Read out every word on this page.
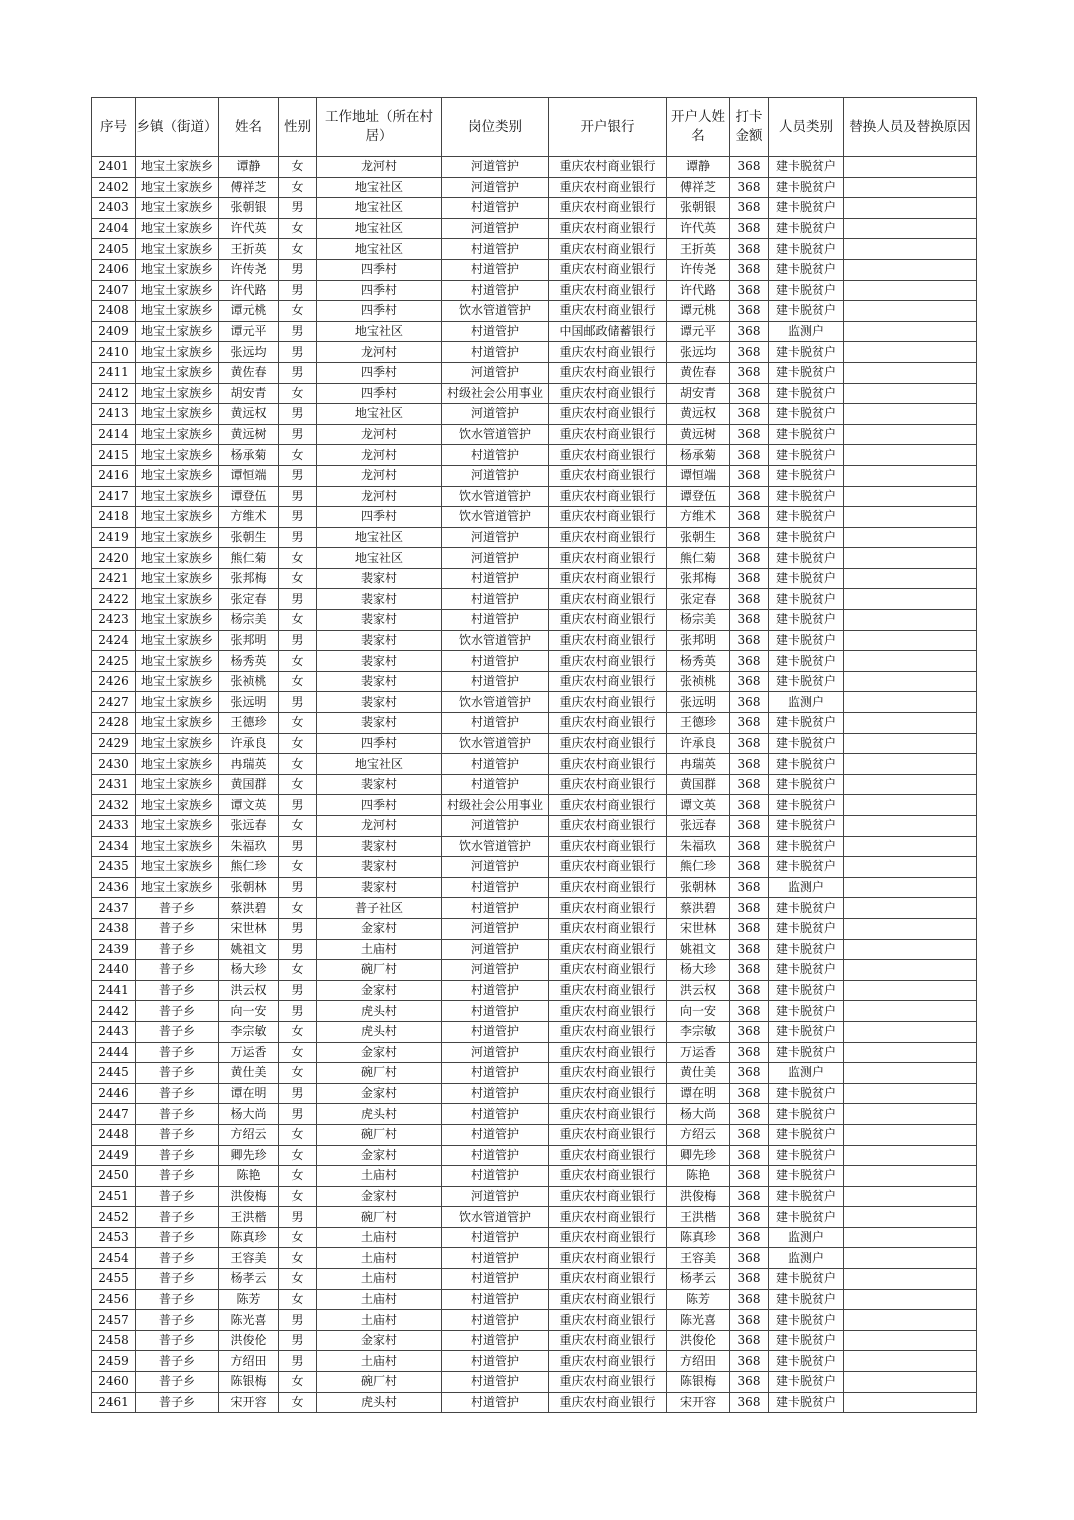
序号	乡镇（街道）	姓名	性别	工作地址（所在村居）	岗位类别	开户银行	开户人姓名	打卡金额	人员类别	替换人员及替换原因
2401	地宝土家族乡	谭静	女	龙河村	河道管护	重庆农村商业银行	谭静	368	建卡脱贫户	
2402	地宝土家族乡	傅祥芝	女	地宝社区	河道管护	重庆农村商业银行	傅祥芝	368	建卡脱贫户	
2403	地宝土家族乡	张朝银	男	地宝社区	村道管护	重庆农村商业银行	张朝银	368	建卡脱贫户	
2404	地宝土家族乡	许代英	女	地宝社区	河道管护	重庆农村商业银行	许代英	368	建卡脱贫户	
2405	地宝土家族乡	王折英	女	地宝社区	村道管护	重庆农村商业银行	王折英	368	建卡脱贫户	
2406	地宝土家族乡	许传尧	男	四季村	村道管护	重庆农村商业银行	许传尧	368	建卡脱贫户	
2407	地宝土家族乡	许代路	男	四季村	村道管护	重庆农村商业银行	许代路	368	建卡脱贫户	
2408	地宝土家族乡	谭元桃	女	四季村	饮水管道管护	重庆农村商业银行	谭元桃	368	建卡脱贫户	
2409	地宝土家族乡	谭元平	男	地宝社区	村道管护	中国邮政储蓄银行	谭元平	368	监测户	
2410	地宝土家族乡	张远均	男	龙河村	村道管护	重庆农村商业银行	张远均	368	建卡脱贫户	
2411	地宝土家族乡	黄佐春	男	四季村	河道管护	重庆农村商业银行	黄佐春	368	建卡脱贫户	
2412	地宝土家族乡	胡安青	女	四季村	村级社会公用事业	重庆农村商业银行	胡安青	368	建卡脱贫户	
2413	地宝土家族乡	黄远权	男	地宝社区	河道管护	重庆农村商业银行	黄远权	368	建卡脱贫户	
2414	地宝土家族乡	黄远树	男	龙河村	饮水管道管护	重庆农村商业银行	黄远树	368	建卡脱贫户	
2415	地宝土家族乡	杨承菊	女	龙河村	村道管护	重庆农村商业银行	杨承菊	368	建卡脱贫户	
2416	地宝土家族乡	谭恒端	男	龙河村	河道管护	重庆农村商业银行	谭恒端	368	建卡脱贫户	
2417	地宝土家族乡	谭登伍	男	龙河村	饮水管道管护	重庆农村商业银行	谭登伍	368	建卡脱贫户	
2418	地宝土家族乡	方维术	男	四季村	饮水管道管护	重庆农村商业银行	方维术	368	建卡脱贫户	
2419	地宝土家族乡	张朝生	男	地宝社区	河道管护	重庆农村商业银行	张朝生	368	建卡脱贫户	
2420	地宝土家族乡	熊仁菊	女	地宝社区	河道管护	重庆农村商业银行	熊仁菊	368	建卡脱贫户	
2421	地宝土家族乡	张邦梅	女	裴家村	村道管护	重庆农村商业银行	张邦梅	368	建卡脱贫户	
2422	地宝土家族乡	张定春	男	裴家村	村道管护	重庆农村商业银行	张定春	368	建卡脱贫户	
2423	地宝土家族乡	杨宗美	女	裴家村	村道管护	重庆农村商业银行	杨宗美	368	建卡脱贫户	
2424	地宝土家族乡	张邦明	男	裴家村	饮水管道管护	重庆农村商业银行	张邦明	368	建卡脱贫户	
2425	地宝土家族乡	杨秀英	女	裴家村	村道管护	重庆农村商业银行	杨秀英	368	建卡脱贫户	
2426	地宝土家族乡	张祯桃	女	裴家村	村道管护	重庆农村商业银行	张祯桃	368	建卡脱贫户	
2427	地宝土家族乡	张远明	男	裴家村	饮水管道管护	重庆农村商业银行	张远明	368	监测户	
2428	地宝土家族乡	王德珍	女	裴家村	村道管护	重庆农村商业银行	王德珍	368	建卡脱贫户	
2429	地宝土家族乡	许承良	女	四季村	饮水管道管护	重庆农村商业银行	许承良	368	建卡脱贫户	
2430	地宝土家族乡	冉瑞英	女	地宝社区	村道管护	重庆农村商业银行	冉瑞英	368	建卡脱贫户	
2431	地宝土家族乡	黄国群	女	裴家村	村道管护	重庆农村商业银行	黄国群	368	建卡脱贫户	
2432	地宝土家族乡	谭文英	男	四季村	村级社会公用事业	重庆农村商业银行	谭文英	368	建卡脱贫户	
2433	地宝土家族乡	张远春	女	龙河村	河道管护	重庆农村商业银行	张远春	368	建卡脱贫户	
2434	地宝土家族乡	朱福玖	男	裴家村	饮水管道管护	重庆农村商业银行	朱福玖	368	建卡脱贫户	
2435	地宝土家族乡	熊仁珍	女	裴家村	河道管护	重庆农村商业银行	熊仁珍	368	建卡脱贫户	
2436	地宝土家族乡	张朝林	男	裴家村	村道管护	重庆农村商业银行	张朝林	368	监测户	
2437	普子乡	蔡洪碧	女	普子社区	村道管护	重庆农村商业银行	蔡洪碧	368	建卡脱贫户	
2438	普子乡	宋世林	男	金家村	河道管护	重庆农村商业银行	宋世林	368	建卡脱贫户	
2439	普子乡	姚祖文	男	土庙村	河道管护	重庆农村商业银行	姚祖文	368	建卡脱贫户	
2440	普子乡	杨大珍	女	碗厂村	河道管护	重庆农村商业银行	杨大珍	368	建卡脱贫户	
2441	普子乡	洪云权	男	金家村	村道管护	重庆农村商业银行	洪云权	368	建卡脱贫户	
2442	普子乡	向一安	男	虎头村	村道管护	重庆农村商业银行	向一安	368	建卡脱贫户	
2443	普子乡	李宗敏	女	虎头村	村道管护	重庆农村商业银行	李宗敏	368	建卡脱贫户	
2444	普子乡	万运香	女	金家村	河道管护	重庆农村商业银行	万运香	368	建卡脱贫户	
2445	普子乡	黄仕美	女	碗厂村	村道管护	重庆农村商业银行	黄仕美	368	监测户	
2446	普子乡	谭在明	男	金家村	村道管护	重庆农村商业银行	谭在明	368	建卡脱贫户	
2447	普子乡	杨大尚	男	虎头村	村道管护	重庆农村商业银行	杨大尚	368	建卡脱贫户	
2448	普子乡	方绍云	女	碗厂村	村道管护	重庆农村商业银行	方绍云	368	建卡脱贫户	
2449	普子乡	卿先珍	女	金家村	村道管护	重庆农村商业银行	卿先珍	368	建卡脱贫户	
2450	普子乡	陈艳	女	土庙村	村道管护	重庆农村商业银行	陈艳	368	建卡脱贫户	
2451	普子乡	洪俊梅	女	金家村	河道管护	重庆农村商业银行	洪俊梅	368	建卡脱贫户	
2452	普子乡	王洪楷	男	碗厂村	饮水管道管护	重庆农村商业银行	王洪楷	368	建卡脱贫户	
2453	普子乡	陈真珍	女	土庙村	村道管护	重庆农村商业银行	陈真珍	368	监测户	
2454	普子乡	王容美	女	土庙村	村道管护	重庆农村商业银行	王容美	368	监测户	
2455	普子乡	杨孝云	女	土庙村	村道管护	重庆农村商业银行	杨孝云	368	建卡脱贫户	
2456	普子乡	陈芳	女	土庙村	村道管护	重庆农村商业银行	陈芳	368	建卡脱贫户	
2457	普子乡	陈光喜	男	土庙村	村道管护	重庆农村商业银行	陈光喜	368	建卡脱贫户	
2458	普子乡	洪俊伦	男	金家村	村道管护	重庆农村商业银行	洪俊伦	368	建卡脱贫户	
2459	普子乡	方绍田	男	土庙村	村道管护	重庆农村商业银行	方绍田	368	建卡脱贫户	
2460	普子乡	陈银梅	女	碗厂村	村道管护	重庆农村商业银行	陈银梅	368	建卡脱贫户	
2461	普子乡	宋开容	女	虎头村	村道管护	重庆农村商业银行	宋开容	368	建卡脱贫户	
